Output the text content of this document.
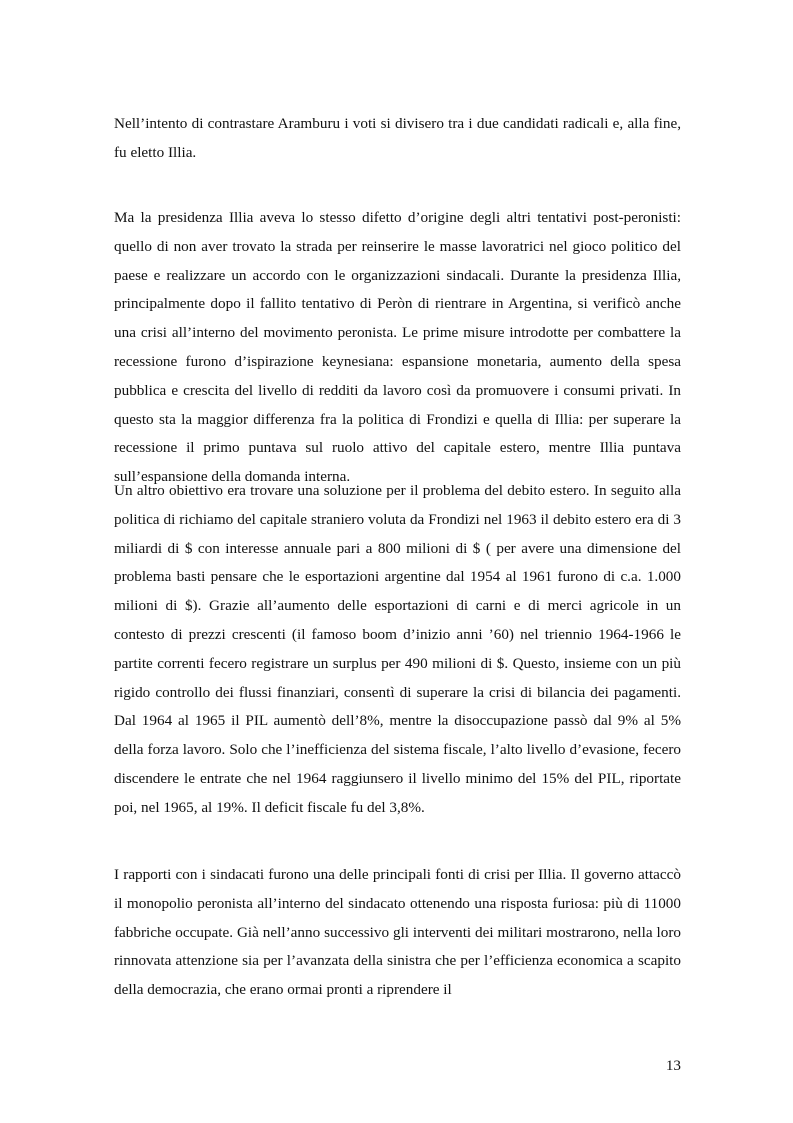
Nell’intento di contrastare Aramburu i voti si divisero tra i due candidati radicali e, alla fine, fu eletto Illia.

Ma la presidenza Illia aveva lo stesso difetto d’origine degli altri tentativi post-peronisti: quello di non aver trovato la strada per reinserire le masse lavoratrici nel gioco politico del paese e realizzare un accordo con le organizzazioni sindacali. Durante la presidenza Illia, principalmente dopo il fallito tentativo di Peròn di rientrare in Argentina, si verificò anche una crisi all’interno del movimento peronista. Le prime misure introdotte per combattere la recessione furono d’ispirazione keynesiana: espansione monetaria, aumento della spesa pubblica e crescita del livello di redditi da lavoro così da promuovere i consumi privati. In questo sta la maggior differenza fra la politica di Frondizi e quella di Illia: per superare la recessione il primo puntava sul ruolo attivo del capitale estero, mentre Illia puntava sull’espansione della domanda interna.

Un altro obiettivo era trovare una soluzione per il problema del debito estero. In seguito alla politica di richiamo del capitale straniero voluta da Frondizi nel 1963 il debito estero era di 3 miliardi di $ con interesse annuale pari a 800 milioni di $ ( per avere una dimensione del problema basti pensare che le esportazioni argentine dal 1954 al 1961 furono di c.a. 1.000 milioni di $). Grazie all’aumento delle esportazioni di carni e di merci agricole in un contesto di prezzi crescenti (il famoso boom d’inizio anni ’60) nel triennio 1964-1966 le partite correnti fecero registrare un surplus per 490 milioni di $. Questo, insieme con un più rigido controllo dei flussi finanziari, consentì di superare la crisi di bilancia dei pagamenti. Dal 1964 al 1965 il PIL aumentò dell’8%, mentre la disoccupazione passò dal 9% al 5% della forza lavoro. Solo che l’inefficienza del sistema fiscale, l’alto livello d’evasione, fecero discendere le entrate che nel 1964 raggiunsero il livello minimo del 15% del PIL, riportate poi, nel 1965, al 19%. Il deficit fiscale fu del 3,8%.

I rapporti con i sindacati furono una delle principali fonti di crisi per Illia. Il governo attaccò il monopolio peronista all’interno del sindacato ottenendo una risposta furiosa: più di 11000 fabbriche occupate. Già nell’anno successivo gli interventi dei militari mostrarono, nella loro rinnovata attenzione sia per l’avanzata della sinistra che per l’efficienza economica a scapito della democrazia, che erano ormai pronti a riprendere il

13
